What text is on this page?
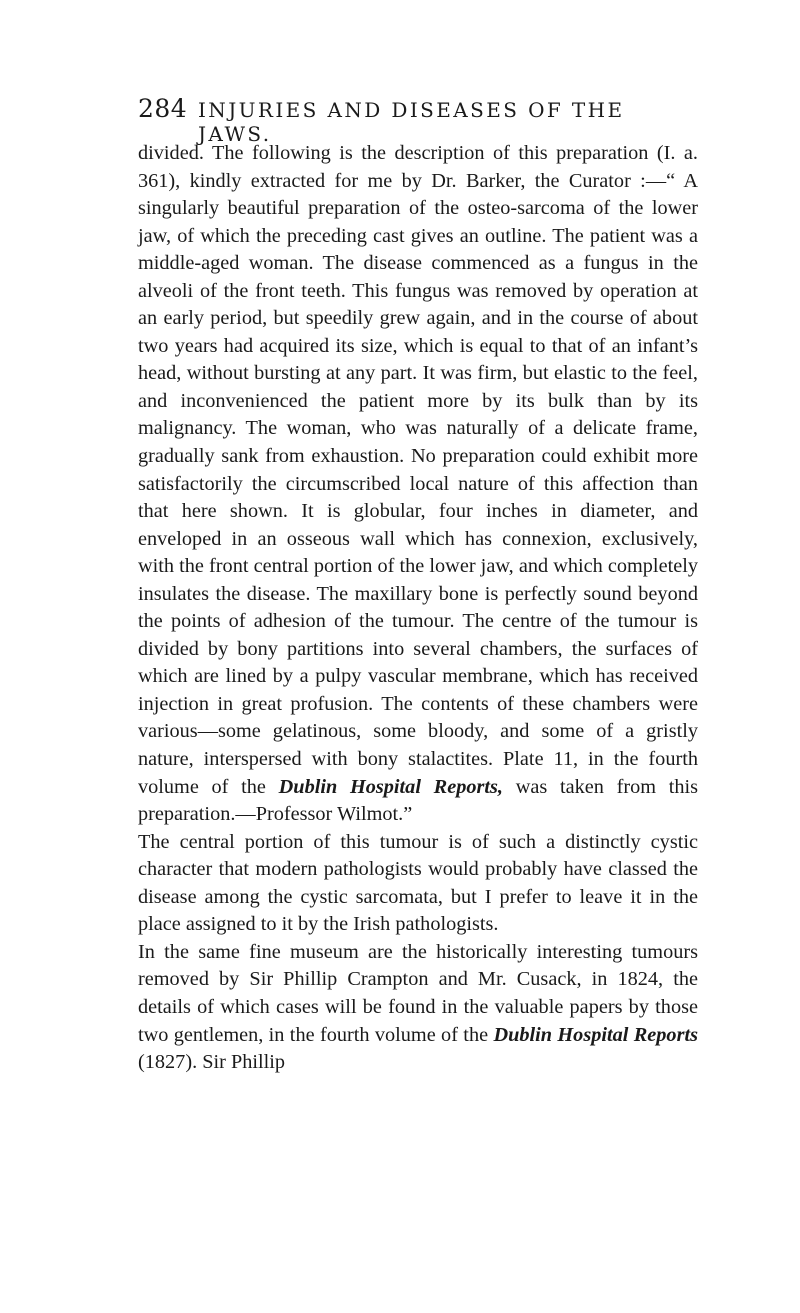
284 INJURIES AND DISEASES OF THE JAWS.

divided. The following is the description of this preparation (I. a. 361), kindly extracted for me by Dr. Barker, the Curator :—“ A singularly beautiful preparation of the osteo-sarcoma of the lower jaw, of which the preceding cast gives an outline. The patient was a middle-aged woman. The disease commenced as a fungus in the alveoli of the front teeth. This fungus was removed by operation at an early period, but speedily grew again, and in the course of about two years had acquired its size, which is equal to that of an infant’s head, without bursting at any part. It was firm, but elastic to the feel, and inconvenienced the patient more by its bulk than by its malignancy. The woman, who was naturally of a delicate frame, gradually sank from exhaustion. No preparation could exhibit more satisfactorily the circumscribed local nature of this affection than that here shown. It is globular, four inches in diameter, and enveloped in an osseous wall which has connexion, exclusively, with the front central portion of the lower jaw, and which completely insulates the disease. The maxillary bone is perfectly sound beyond the points of adhesion of the tumour. The centre of the tumour is divided by bony partitions into several chambers, the surfaces of which are lined by a pulpy vascular membrane, which has received injection in great profusion. The contents of these chambers were various—some gelatinous, some bloody, and some of a gristly nature, interspersed with bony stalactites. Plate 11, in the fourth volume of the Dublin Hospital Reports, was taken from this preparation.—Professor Wilmot.”

The central portion of this tumour is of such a distinctly cystic character that modern pathologists would probably have classed the disease among the cystic sarcomata, but I prefer to leave it in the place assigned to it by the Irish pathologists.

In the same fine museum are the historically interesting tumours removed by Sir Phillip Crampton and Mr. Cusack, in 1824, the details of which cases will be found in the valuable papers by those two gentlemen, in the fourth volume of the Dublin Hospital Reports (1827). Sir Phillip
